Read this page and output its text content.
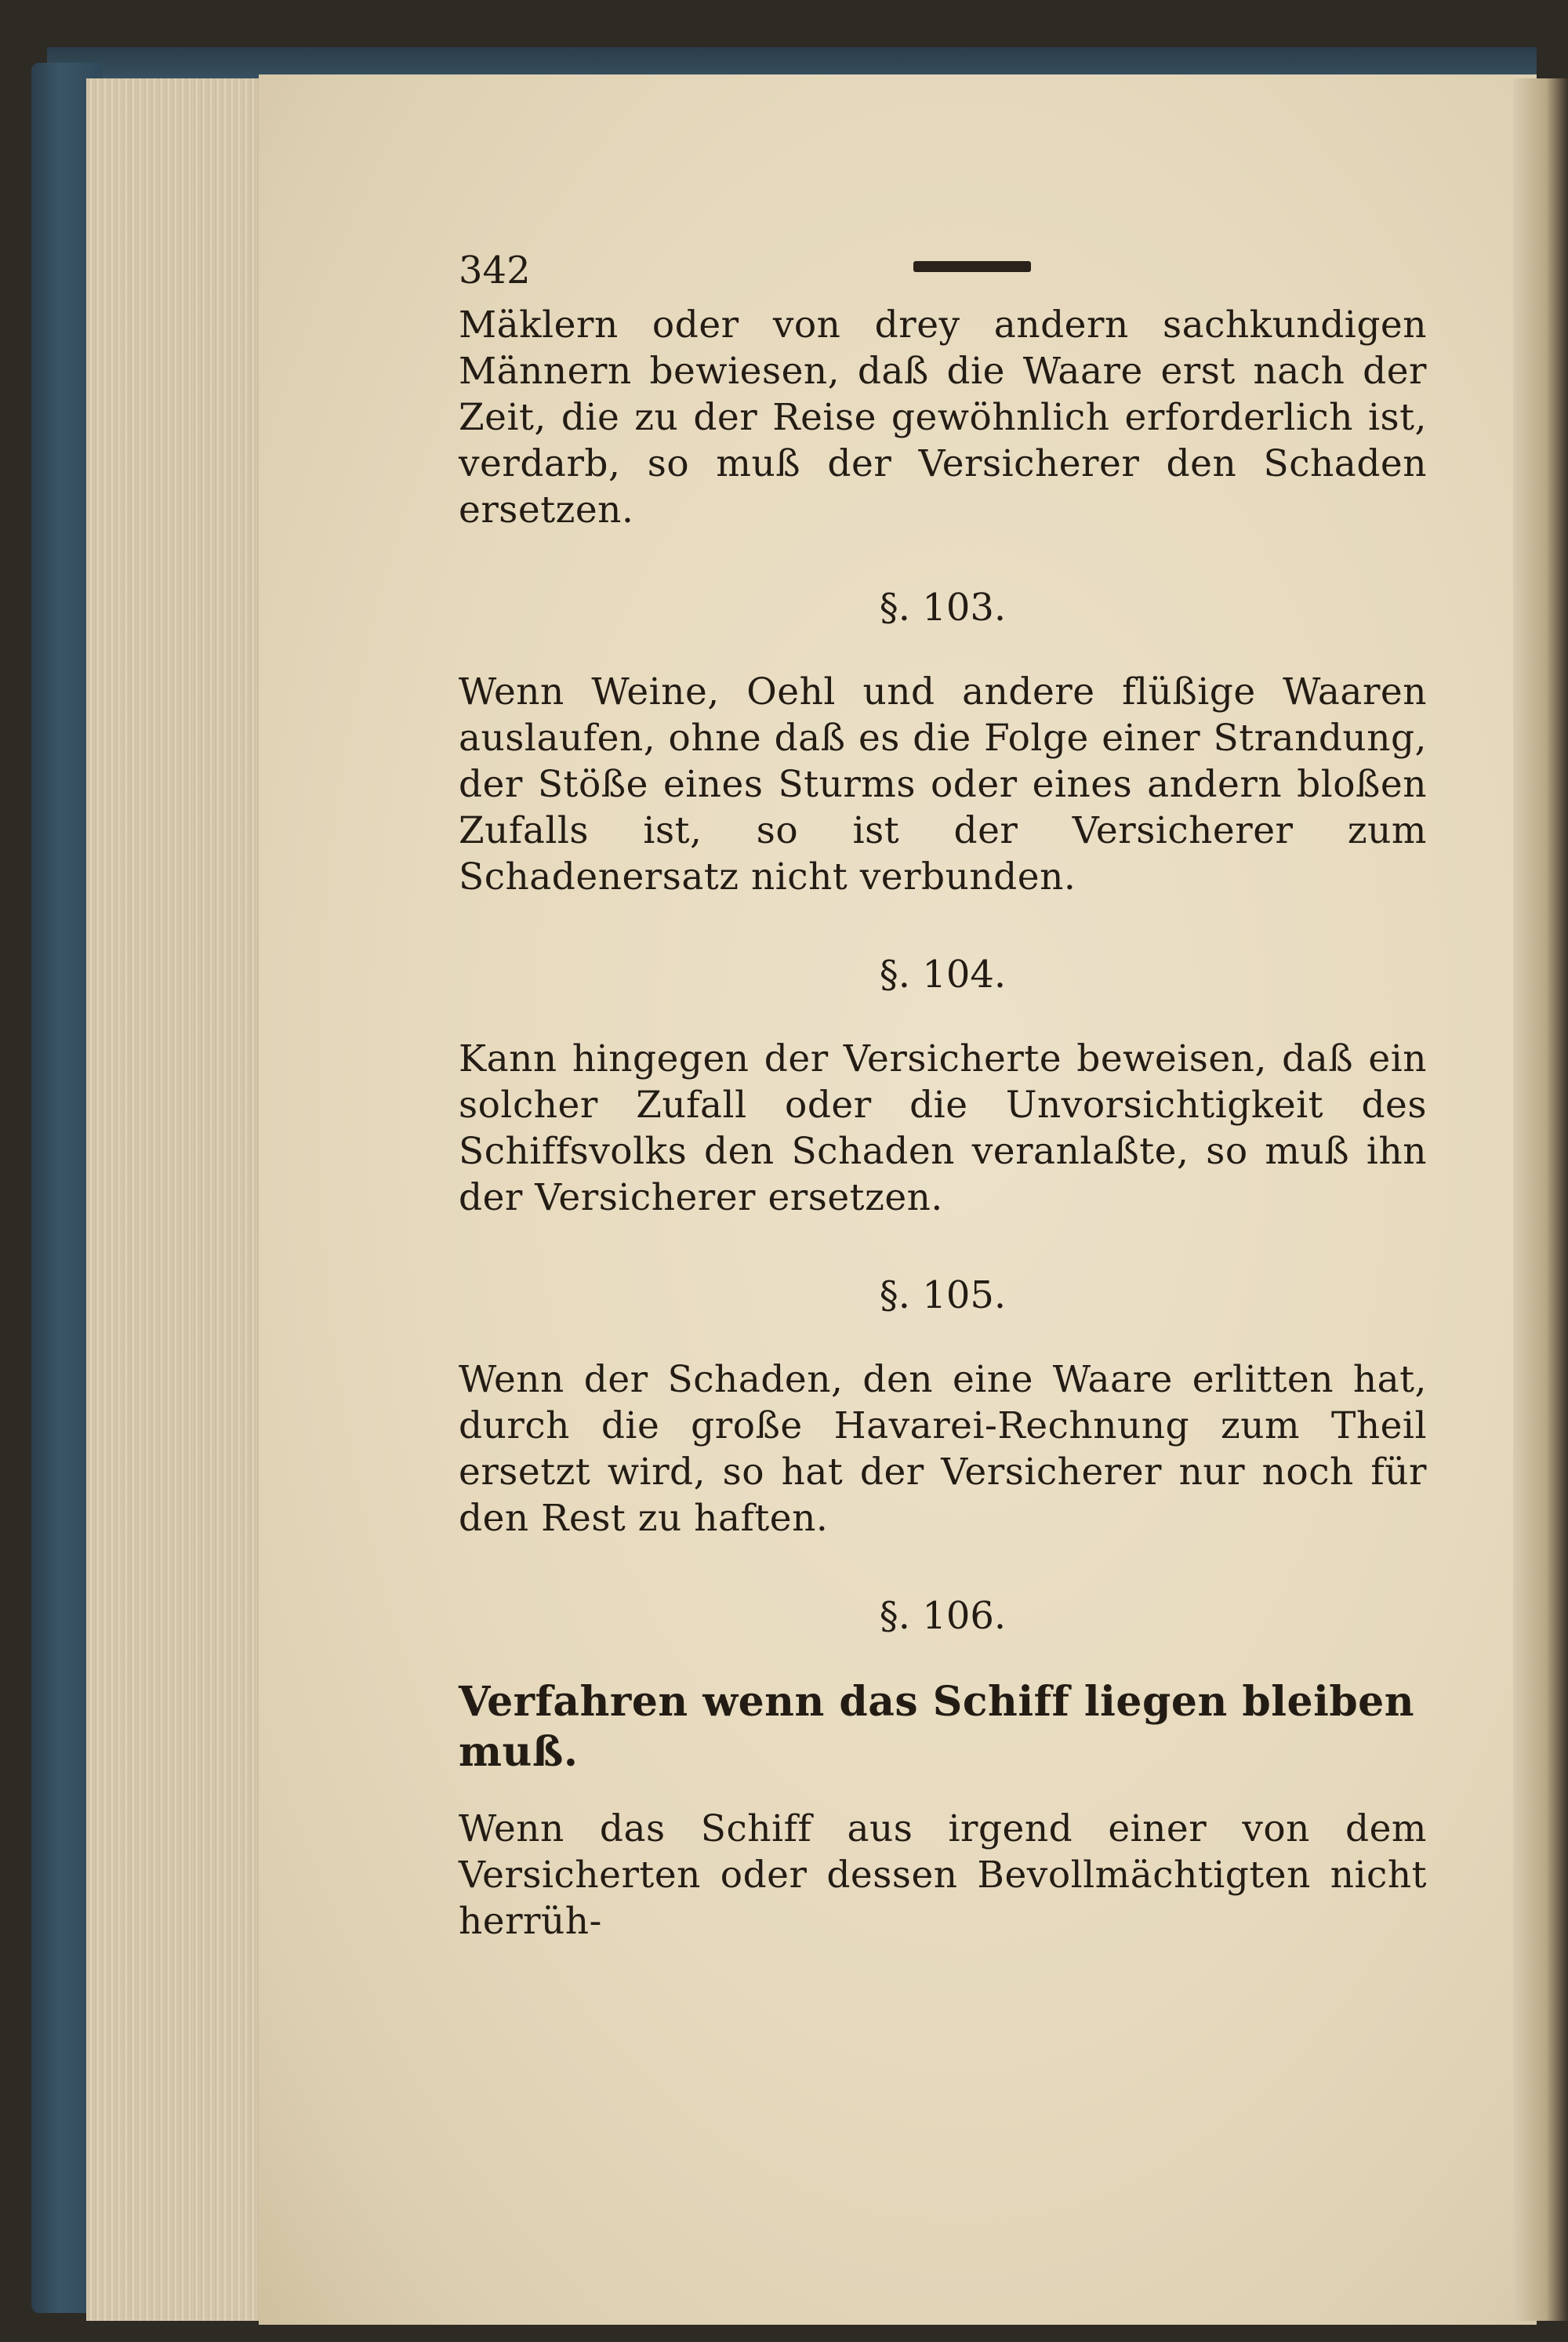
342

Mäklern oder von drey andern sachkundigen Männern bewiesen, daß die Waare erst nach der Zeit, die zu der Reise gewöhnlich erforderlich ist, verdarb, so muß der Versicherer den Schaden ersetzen.

§. 103.

Wenn Weine, Oehl und andere flüßige Waaren auslaufen, ohne daß es die Folge einer Strandung, der Stöße eines Sturms oder eines andern bloßen Zufalls ist, so ist der Versicherer zum Schadenersatz nicht verbunden.

§. 104.

Kann hingegen der Versicherte beweisen, daß ein solcher Zufall oder die Unvorsichtigkeit des Schiffsvolks den Schaden veranlaßte, so muß ihn der Versicherer ersetzen.

§. 105.

Wenn der Schaden, den eine Waare erlitten hat, durch die große Havarei-Rechnung zum Theil ersetzt wird, so hat der Versicherer nur noch für den Rest zu haften.

§. 106.
Verfahren wenn das Schiff liegen bleiben muß.

Wenn das Schiff aus irgend einer von dem Versicherten oder dessen Bevollmächtigten nicht herrüh-
